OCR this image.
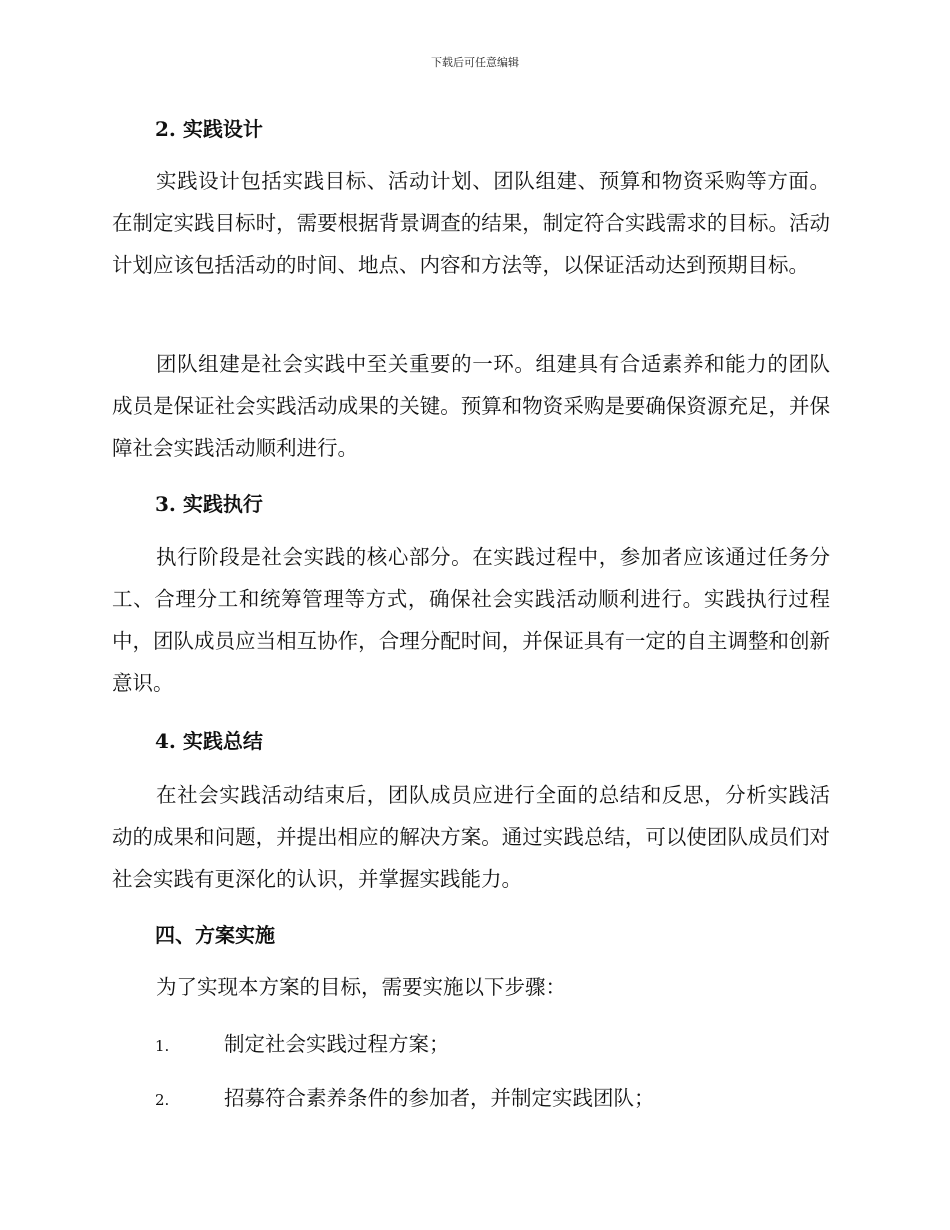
下载后可任意编辑
2. 实践设计

实践设计包括实践目标、活动计划、团队组建、预算和物资采购等方面。在制定实践目标时，需要根据背景调查的结果，制定符合实践需求的目标。活动计划应该包括活动的时间、地点、内容和方法等，以保证活动达到预期目标。

团队组建是社会实践中至关重要的一环。组建具有合适素养和能力的团队成员是保证社会实践活动成果的关键。预算和物资采购是要确保资源充足，并保障社会实践活动顺利进行。

3. 实践执行

执行阶段是社会实践的核心部分。在实践过程中，参加者应该通过任务分工、合理分工和统筹管理等方式，确保社会实践活动顺利进行。实践执行过程中，团队成员应当相互协作，合理分配时间，并保证具有一定的自主调整和创新意识。

4. 实践总结

在社会实践活动结束后，团队成员应进行全面的总结和反思，分析实践活动的成果和问题，并提出相应的解决方案。通过实践总结，可以使团队成员们对社会实践有更深化的认识，并掌握实践能力。

四、方案实施

为了实现本方案的目标，需要实施以下步骤：

1.	制定社会实践过程方案；
2.	招募符合素养条件的参加者，并制定实践团队；
